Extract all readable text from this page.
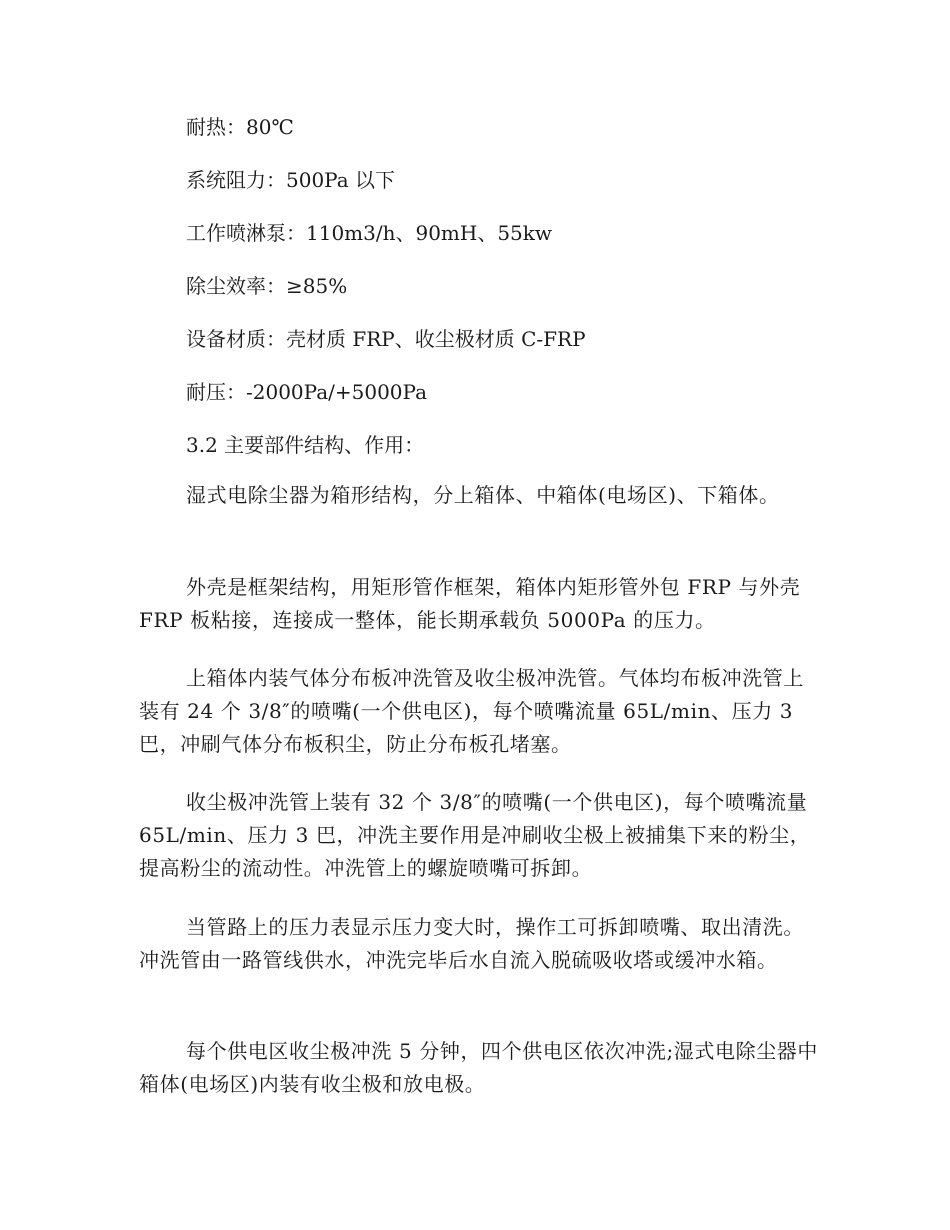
耐热：80℃

系统阻力：500Pa 以下

工作喷淋泵：110m3/h、90mH、55kw

除尘效率：≥85%

设备材质：壳材质 FRP、收尘极材质 C-FRP

耐压：-2000Pa/+5000Pa

3.2 主要部件结构、作用：

湿式电除尘器为箱形结构，分上箱体、中箱体(电场区)、下箱体。

外壳是框架结构，用矩形管作框架，箱体内矩形管外包 FRP 与外壳 FRP 板粘接，连接成一整体，能长期承载负 5000Pa 的压力。

上箱体内装气体分布板冲洗管及收尘极冲洗管。气体均布板冲洗管上装有 24 个 3/8″的喷嘴(一个供电区)，每个喷嘴流量 65L/min、压力 3 巴，冲刷气体分布板积尘，防止分布板孔堵塞。

收尘极冲洗管上装有 32 个 3/8″的喷嘴(一个供电区)，每个喷嘴流量 65L/min、压力 3 巴，冲洗主要作用是冲刷收尘极上被捕集下来的粉尘，提高粉尘的流动性。冲洗管上的螺旋喷嘴可拆卸。

当管路上的压力表显示压力变大时，操作工可拆卸喷嘴、取出清洗。冲洗管由一路管线供水，冲洗完毕后水自流入脱硫吸收塔或缓冲水箱。

每个供电区收尘极冲洗 5 分钟，四个供电区依次冲洗;湿式电除尘器中箱体(电场区)内装有收尘极和放电极。
